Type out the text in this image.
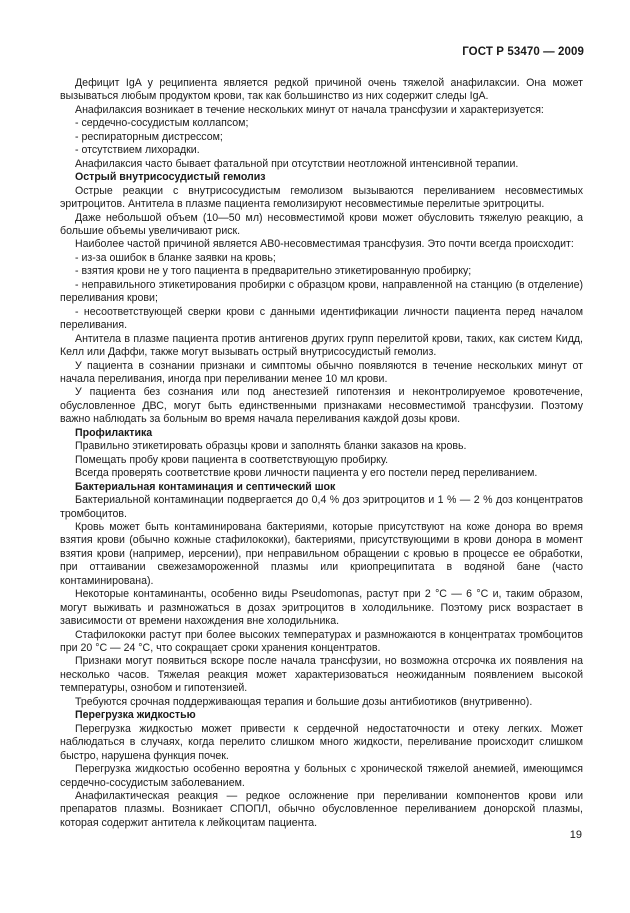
ГОСТ Р 53470 — 2009

Дефицит IgA у реципиента является редкой причиной очень тяжелой анафилаксии. Она может вызываться любым продуктом крови, так как большинство из них содержит следы IgA.

Анафилаксия возникает в течение нескольких минут от начала трансфузии и характеризуется:

- сердечно-сосудистым коллапсом;

- респираторным дистрессом;

- отсутствием лихорадки.

Анафилаксия часто бывает фатальной при отсутствии неотложной интенсивной терапии.

Острый внутрисосудистый гемолиз

Острые реакции с внутрисосудистым гемолизом вызываются переливанием несовместимых эритроцитов. Антитела в плазме пациента гемолизируют несовместимые перелитые эритроциты.

Даже небольшой объем (10—50 мл) несовместимой крови может обусловить тяжелую реакцию, а большие объемы увеличивают риск.

Наиболее частой причиной является АВ0-несовместимая трансфузия. Это почти всегда происходит:

- из-за ошибок в бланке заявки на кровь;

- взятия крови не у того пациента в предварительно этикетированную пробирку;

- неправильного этикетирования пробирки с образцом крови, направленной на станцию (в отделение) переливания крови;

- несоответствующей сверки крови с данными идентификации личности пациента перед началом переливания.

Антитела в плазме пациента против антигенов других групп перелитой крови, таких, как систем Кидд, Келл или Даффи, также могут вызывать острый внутрисосудистый гемолиз.

У пациента в сознании признаки и симптомы обычно появляются в течение нескольких минут от начала переливания, иногда при переливании менее 10 мл крови.

У пациента без сознания или под анестезией гипотензия и неконтролируемое кровотечение, обусловленное ДВС, могут быть единственными признаками несовместимой трансфузии. Поэтому важно наблюдать за больным во время начала переливания каждой дозы крови.

Профилактика

Правильно этикетировать образцы крови и заполнять бланки заказов на кровь.

Помещать пробу крови пациента в соответствующую пробирку.

Всегда проверять соответствие крови личности пациента у его постели перед переливанием.

Бактериальная контаминация и септический шок

Бактериальной контаминации подвергается до 0,4 % доз эритроцитов и 1 % — 2 % доз концентратов тромбоцитов.

Кровь может быть контаминирована бактериями, которые присутствуют на коже донора во время взятия крови (обычно кожные стафилококки), бактериями, присутствующими в крови донора в момент взятия крови (например, иерсении), при неправильном обращении с кровью в процессе ее обработки, при оттаивании свежезамороженной плазмы или криопреципитата в водяной бане (часто контаминирована).

Некоторые контаминанты, особенно виды Pseudomonas, растут при 2 °C — 6 °C и, таким образом, могут выживать и размножаться в дозах эритроцитов в холодильнике. Поэтому риск возрастает в зависимости от времени нахождения вне холодильника.

Стафилококки растут при более высоких температурах и размножаются в концентратах тромбоцитов при 20 °C — 24 °C, что сокращает сроки хранения концентратов.

Признаки могут появиться вскоре после начала трансфузии, но возможна отсрочка их появления на несколько часов. Тяжелая реакция может характеризоваться неожиданным появлением высокой температуры, ознобом и гипотензией.

Требуются срочная поддерживающая терапия и большие дозы антибиотиков (внутривенно).

Перегрузка жидкостью

Перегрузка жидкостью может привести к сердечной недостаточности и отеку легких. Может наблюдаться в случаях, когда перелито слишком много жидкости, переливание происходит слишком быстро, нарушена функция почек.

Перегрузка жидкостью особенно вероятна у больных с хронической тяжелой анемией, имеющимся сердечно-сосудистым заболеванием.

Анафилактическая реакция — редкое осложнение при переливании компонентов крови или препаратов плазмы. Возникает СПОПЛ, обычно обусловленное переливанием донорской плазмы, которая содержит антитела к лейкоцитам пациента.

19
